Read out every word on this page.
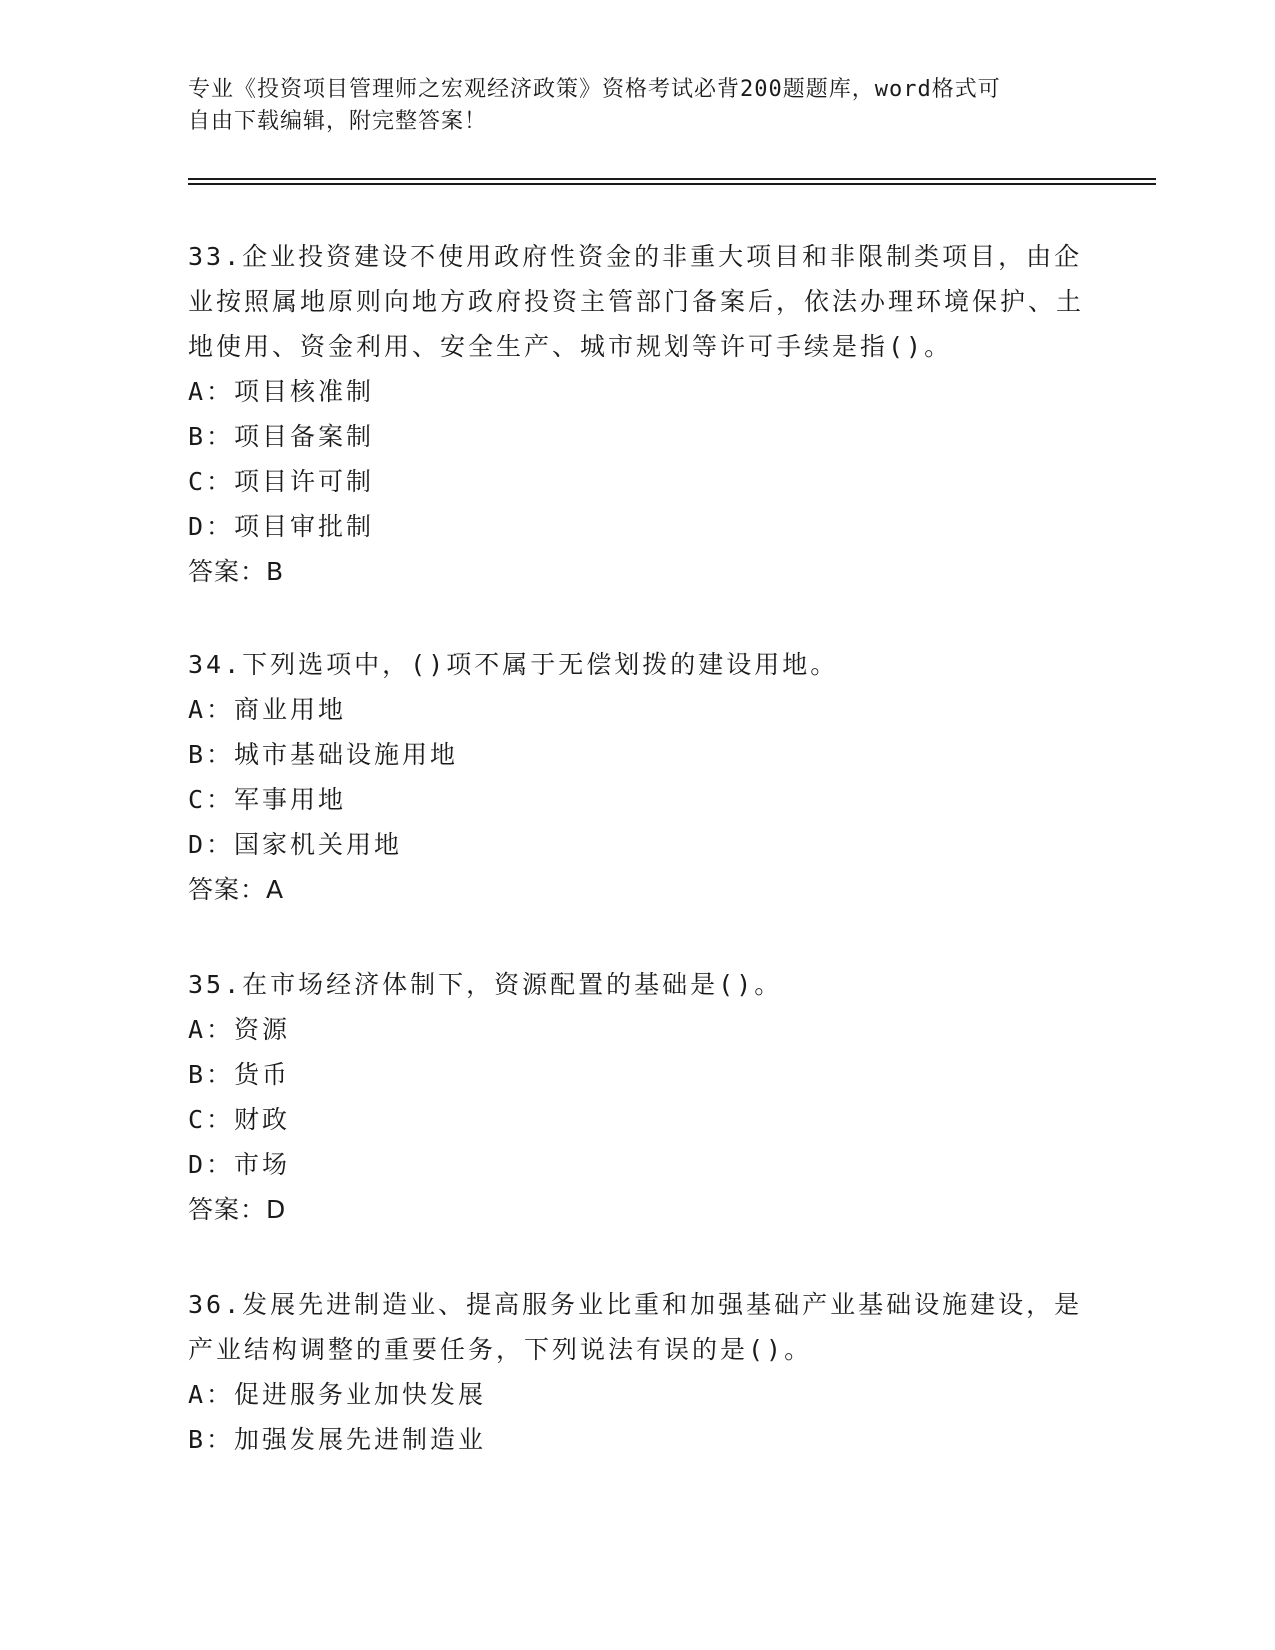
专业《投资项目管理师之宏观经济政策》资格考试必背200题题库，word格式可
自由下载编辑，附完整答案！
33.企业投资建设不使用政府性资金的非重大项目和非限制类项目，由企业按照属地原则向地方政府投资主管部门备案后，依法办理环境保护、土地使用、资金利用、安全生产、城市规划等许可手续是指()。
A：项目核准制
B：项目备案制
C：项目许可制
D：项目审批制
答案：B
34.下列选项中，()项不属于无偿划拨的建设用地。
A：商业用地
B：城市基础设施用地
C：军事用地
D：国家机关用地
答案：A
35.在市场经济体制下，资源配置的基础是()。
A：资源
B：货币
C：财政
D：市场
答案：D
36.发展先进制造业、提高服务业比重和加强基础产业基础设施建设，是产业结构调整的重要任务，下列说法有误的是()。
A：促进服务业加快发展
B：加强发展先进制造业
